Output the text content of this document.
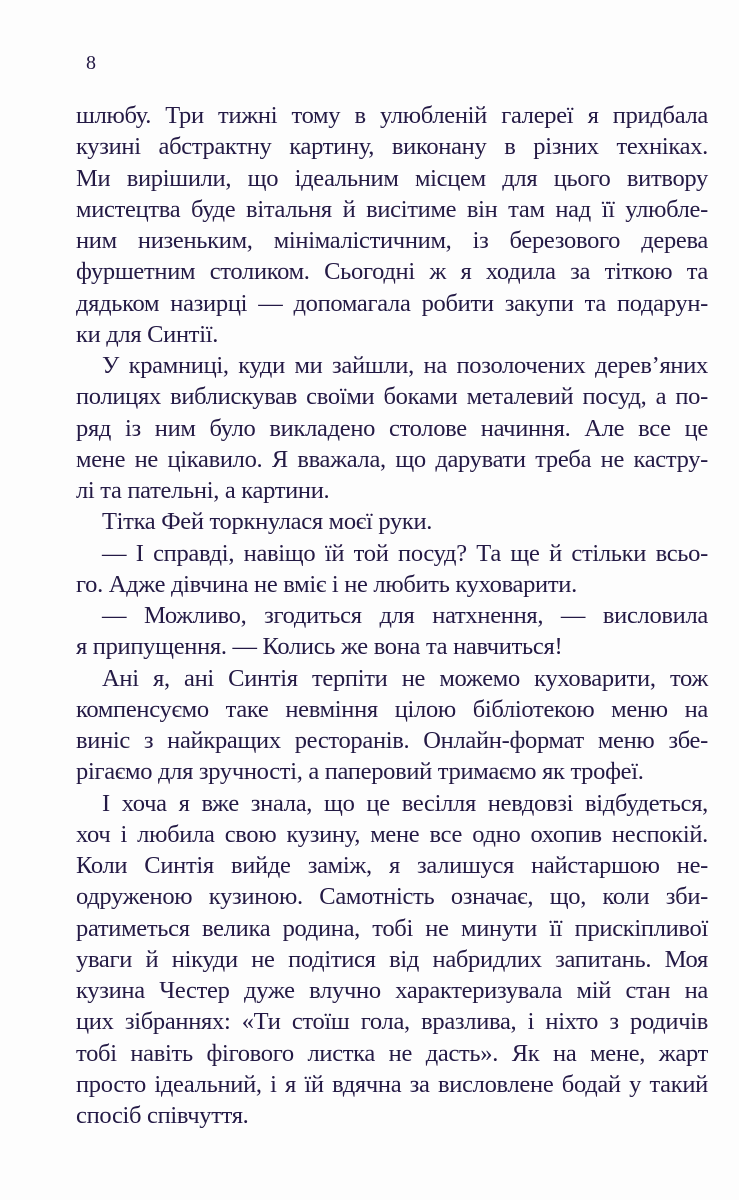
8
шлюбу. Три тижні тому в улюбленій галереї я придбала
кузині абстрактну картину, виконану в різних техніках.
Ми вирішили, що ідеальним місцем для цього витвору
мистецтва буде вітальня й висітиме він там над її улюбле-
ним низеньким, мінімалістичним, із березового дерева
фуршетним столиком. Сьогодні ж я ходила за тіткою та
дядьком назирці — допомагала робити закупи та подарун-
ки для Синтії.
У крамниці, куди ми зайшли, на позолочених дерев’яних
полицях виблискував своїми боками металевий посуд, а по-
ряд із ним було викладено столове начиння. Але все це
мене не цікавило. Я вважала, що дарувати треба не кастру-
лі та пательні, а картини.
Тітка Фей торкнулася моєї руки.
— І справді, навіщо їй той посуд? Та ще й стільки всьо-
го. Адже дівчина не вміє і не любить куховарити.
— Можливо, згодиться для натхнення, — висловила
я припущення. — Колись же вона та навчиться!
Ані я, ані Синтія терпіти не можемо куховарити, тож
компенсуємо таке невміння цілою бібліотекою меню на
виніс з найкращих ресторанів. Онлайн-формат меню збе-
рігаємо для зручності, а паперовий тримаємо як трофеї.
І хоча я вже знала, що це весілля невдовзі відбудеться,
хоч і любила свою кузину, мене все одно охопив неспокій.
Коли Синтія вийде заміж, я залишуся найстаршою не-
одруженою кузиною. Самотність означає, що, коли зби-
ратиметься велика родина, тобі не минути її прискіпливої
уваги й нікуди не подітися від набридлих запитань. Моя
кузина Честер дуже влучно характеризувала мій стан на
цих зібраннях: «Ти стоїш гола, вразлива, і ніхто з родичів
тобі навіть фігового листка не дасть». Як на мене, жарт
просто ідеальний, і я їй вдячна за висловлене бодай у такий
спосіб співчуття.
